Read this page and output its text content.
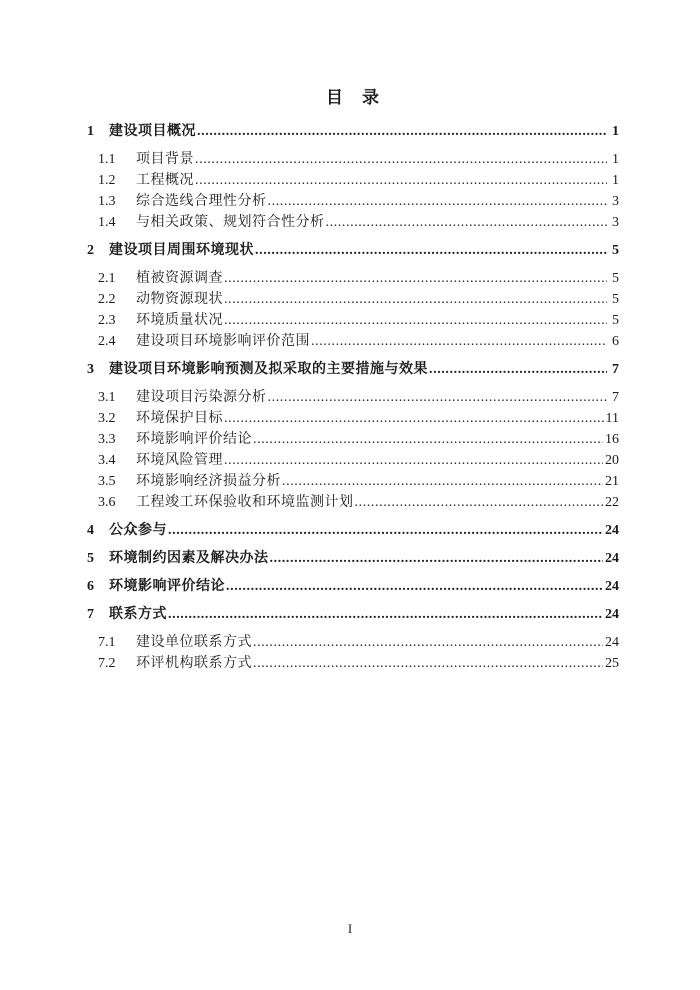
目　录
1	建设项目概况 .....	1
1.1	项目背景 .....	1
1.2	工程概况 .....	1
1.3	综合选线合理性分析 .....	3
1.4	与相关政策、规划符合性分析 .....	3
2	建设项目周围环境现状 .....	5
2.1	植被资源调查 .....	5
2.2	动物资源现状 .....	5
2.3	环境质量状况 .....	5
2.4	建设项目环境影响评价范围 .....	6
3	建设项目环境影响预测及拟采取的主要措施与效果 .....	7
3.1	建设项目污染源分析 .....	7
3.2	环境保护目标 .....	11
3.3	环境影响评价结论 .....	16
3.4	环境风险管理 .....	20
3.5	环境影响经济损益分析 .....	21
3.6	工程竣工环保验收和环境监测计划 .....	22
4	公众参与 .....	24
5	环境制约因素及解决办法 .....	24
6	环境影响评价结论 .....	24
7	联系方式 .....	24
7.1	建设单位联系方式 .....	24
7.2	环评机构联系方式 .....	25
I
